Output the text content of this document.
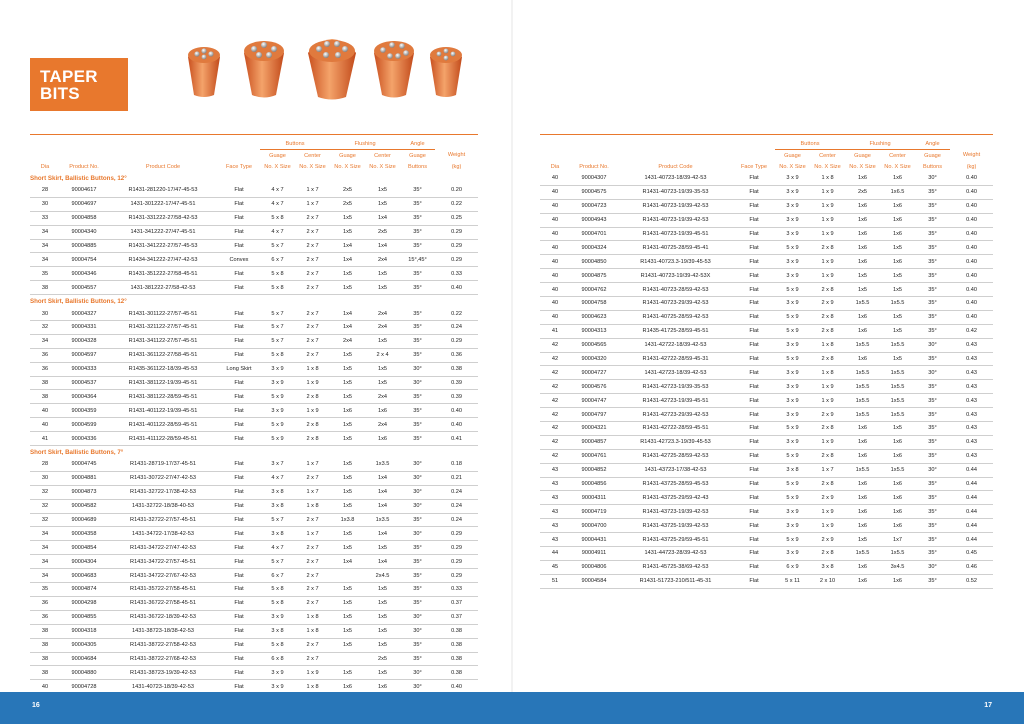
TAPER
BITS
				Buttons		Flushing		Angle	
				Guage	Center	Guage	Center	Guage	Weight
Dia	Product No.	Product Code	Face Type	No. X Size	No. X Size	No. X Size	No. X Size	Buttons	(kg)
Short Skirt, Ballistic Buttons, 12°									
28	90004617	R1431-281220-17/47-45-53	Flat	4 x 7	1 x 7	2x5	1x5	35°	0.20
30	90004697	1431-301222-17/47-45-51	Flat	4 x 7	1 x 7	2x5	1x5	35°	0.22
33	90004858	R1431-331222-27/58-42-53	Flat	5 x 8	2 x 7	1x5	1x4	35°	0.25
34	90004340	1431-341222-27/47-45-51	Flat	4 x 7	2 x 7	1x5	2x5	35°	0.29
34	90004885	R1431-341222-27/57-45-53	Flat	5 x 7	2 x 7	1x4	1x4	35°	0.29
34	90004754	R1434-341222-27/47-42-53	Convex	6 x 7	2 x 7	1x4	2x4	15°,45°	0.29
35	90004346	R1431-351222-27/58-45-51	Flat	5 x 8	2 x 7	1x5	1x5	35°	0.33
38	90004557	1431-381222-27/58-42-53	Flat	5 x 8	2 x 7	1x5	1x5	35°	0.40
Short Skirt, Ballistic Buttons, 12°									
30	90004327	R1431-301122-27/57-45-51	Flat	5 x 7	2 x 7	1x4	2x4	35°	0.22
32	90004331	R1431-321122-27/57-45-51	Flat	5 x 7	2 x 7	1x4	2x4	35°	0.24
34	90004328	R1431-341122-27/57-45-51	Flat	5 x 7	2 x 7	2x4	1x5	35°	0.29
36	90004597	R1431-361122-27/58-45-51	Flat	5 x 8	2 x 7	1x5	2 x 4	35°	0.36
36	90004333	R1435-361122-18/39-45-53	Long Skirt	3 x 9	1 x 8	1x5	1x5	30°	0.38
38	90004537	R1431-381122-19/39-45-51	Flat	3 x 9	1 x 9	1x5	1x5	30°	0.39
38	90004364	R1431-381122-28/59-45-51	Flat	5 x 9	2 x 8	1x5	2x4	35°	0.39
40	90004359	R1431-401122-19/39-45-51	Flat	3 x 9	1 x 9	1x6	1x6	35°	0.40
40	90004599	R1431-401122-28/59-45-51	Flat	5 x 9	2 x 8	1x5	2x4	35°	0.40
41	90004336	R1431-411122-28/59-45-51	Flat	5 x 9	2 x 8	1x5	1x6	35°	0.41
Short Skirt, Ballistic Buttons, 7°									
28	90004745	R1431-28719-17/37-45-51	Flat	3 x 7	1 x 7	1x5	1x3.5	30°	0.18
30	90004881	R1431-30722-27/47-42-53	Flat	4 x 7	2 x 7	1x5	1x4	30°	0.21
32	90004873	R1431-32722-17/38-42-53	Flat	3 x 8	1 x 7	1x5	1x4	30°	0.24
32	90004582	1431-32722-18/38-40-53	Flat	3 x 8	1 x 8	1x5	1x4	30°	0.24
32	90004689	R1431-32722-27/57-45-51	Flat	5 x 7	2 x 7	1x3.8	1x3.5	35°	0.24
34	90004358	1431-34722-17/38-42-53	Flat	3 x 8	1 x 7	1x5	1x4	30°	0.29
34	90004854	R1431-34722-27/47-42-53	Flat	4 x 7	2 x 7	1x5	1x5	35°	0.29
34	90004304	R1431-34722-27/57-45-51	Flat	5 x 7	2 x 7	1x4	1x4	35°	0.29
34	90004683	R1431-34722-27/67-42-53	Flat	6 x 7	2 x 7		2x4.5	35°	0.29
35	90004874	R1431-35722-27/58-45-51	Flat	5 x 8	2 x 7	1x5	1x5	35°	0.33
36	90004298	R1431-36722-27/58-45-51	Flat	5 x 8	2 x 7	1x5	1x5	35°	0.37
36	90004855	R1431-36722-18/39-42-53	Flat	3 x 9	1 x 8	1x5	1x5	30°	0.37
38	90004318	1431-38723-18/38-42-53	Flat	3 x 8	1 x 8	1x5	1x5	30°	0.38
38	90004305	R1431-38722-27/58-42-53	Flat	5 x 8	2 x 7	1x5	1x5	35°	0.38
38	90004684	R1431-38722-27/68-42-53	Flat	6 x 8	2 x 7		2x5	35°	0.38
38	90004880	R1431-38723-19/39-42-53	Flat	3 x 9	1 x 9	1x5	1x5	30°	0.38
40	90004728	1431-40723-18/39-42-53	Flat	3 x 9	1 x 8	1x6	1x6	30°	0.40
				Buttons		Flushing		Angle	
				Guage	Center	Guage	Center	Guage	Weight
Dia	Product No.	Product Code	Face Type	No. X Size	No. X Size	No. X Size	No. X Size	Buttons	(kg)
40	90004307	1431-40723-18/39-42-53	Flat	3 x 9	1 x 8	1x6	1x6	30°	0.40
40	90004575	R1431-40723-19/39-35-53	Flat	3 x 9	1 x 9	2x5	1x6.5	35°	0.40
40	90004723	R1431-40723-19/39-42-53	Flat	3 x 9	1 x 9	1x6	1x6	35°	0.40
40	90004943	R1431-40723-19/39-42-53	Flat	3 x 9	1 x 9	1x6	1x6	35°	0.40
40	90004701	R1431-40723-19/39-45-51	Flat	3 x 9	1 x 9	1x6	1x6	35°	0.40
40	90004324	R1431-40725-28/59-45-41	Flat	5 x 9	2 x 8	1x6	1x5	35°	0.40
40	90004850	R1431-40723.3-19/39-45-53	Flat	3 x 9	1 x 9	1x6	1x6	35°	0.40
40	90004875	R1431-40723-19/39-42-53X	Flat	3 x 9	1 x 9	1x5	1x5	35°	0.40
40	90004762	R1431-40723-28/59-42-53	Flat	5 x 9	2 x 8	1x5	1x5	35°	0.40
40	90004758	R1431-40723-29/39-42-53	Flat	3 x 9	2 x 9	1x5.5	1x5.5	35°	0.40
40	90004623	R1431-40725-28/59-42-53	Flat	5 x 9	2 x 8	1x6	1x5	35°	0.40
41	90004313	R1435-41725-28/59-45-51	Flat	5 x 9	2 x 8	1x6	1x5	35°	0.42
42	90004565	1431-42722-18/39-42-53	Flat	3 x 9	1 x 8	1x5.5	1x5.5	30°	0.43
42	90004320	R1431-42722-28/59-45-31	Flat	5 x 9	2 x 8	1x6	1x5	35°	0.43
42	90004727	1431-42723-18/39-42-53	Flat	3 x 9	1 x 8	1x5.5	1x5.5	30°	0.43
42	90004576	R1431-42723-19/39-35-53	Flat	3 x 9	1 x 9	1x5.5	1x5.5	35°	0.43
42	90004747	R1431-42723-19/39-45-51	Flat	3 x 9	1 x 9	1x5.5	1x5.5	35°	0.43
42	90004797	R1431-42723-29/39-42-53	Flat	3 x 9	2 x 9	1x5.5	1x5.5	35°	0.43
42	90004321	R1431-42722-28/59-45-51	Flat	5 x 9	2 x 8	1x6	1x5	35°	0.43
42	90004857	R1431-42723.3-19/39-45-53	Flat	3 x 9	1 x 9	1x6	1x6	35°	0.43
42	90004761	R1431-42725-28/59-42-53	Flat	5 x 9	2 x 8	1x6	1x6	35°	0.43
43	90004852	1431-43723-17/38-42-53	Flat	3 x 8	1 x 7	1x5.5	1x5.5	30°	0.44
43	90004856	R1431-43725-28/59-45-53	Flat	5 x 9	2 x 8	1x6	1x6	35°	0.44
43	90004311	R1431-43725-29/59-42-43	Flat	5 x 9	2 x 9	1x6	1x6	35°	0.44
43	90004719	R1431-43723-19/39-42-53	Flat	3 x 9	1 x 9	1x6	1x6	35°	0.44
43	90004700	R1431-43725-19/39-42-53	Flat	3 x 9	1 x 9	1x6	1x6	35°	0.44
43	90004431	R1431-43725-29/59-45-51	Flat	5 x 9	2 x 9	1x5	1x7	35°	0.44
44	90004911	1431-44723-28/39-42-53	Flat	3 x 9	2 x 8	1x5.5	1x5.5	35°	0.45
45	90004806	R1431-45725-38/69-42-53	Flat	6 x 9	3 x 8	1x6	3x4.5	30°	0.46
51	90004584	R1431-51723-210/511-45-31	Flat	5 x 11	2 x 10	1x6	1x6	35°	0.52
16	17
